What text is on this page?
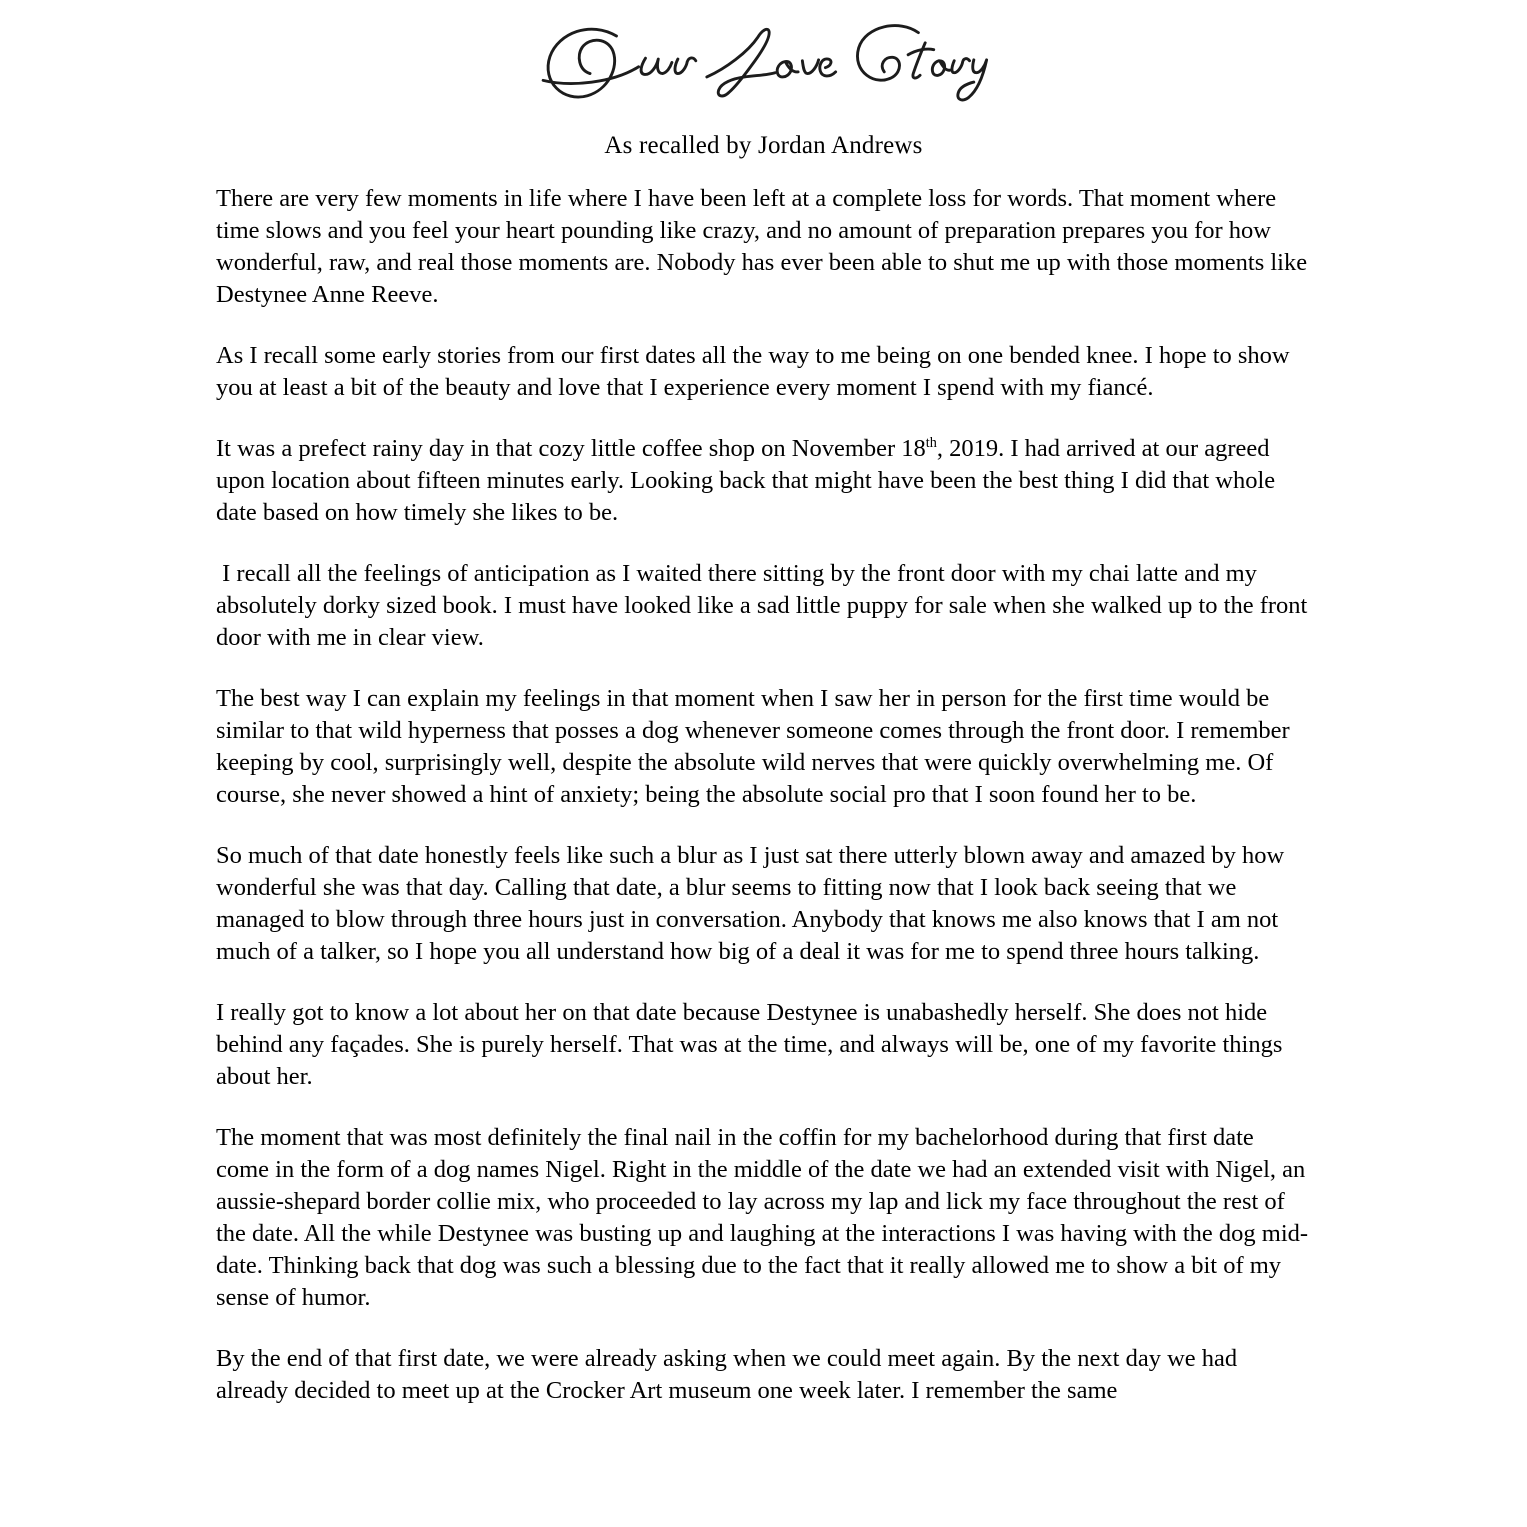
As recalled by Jordan Andrews

There are very few moments in life where I have been left at a complete loss for words. That moment where time slows and you feel your heart pounding like crazy, and no amount of preparation prepares you for how wonderful, raw, and real those moments are. Nobody has ever been able to shut me up with those moments like Destynee Anne Reeve.

As I recall some early stories from our first dates all the way to me being on one bended knee. I hope to show you at least a bit of the beauty and love that I experience every moment I spend with my fiancé.

It was a prefect rainy day in that cozy little coffee shop on November 18th, 2019. I had arrived at our agreed upon location about fifteen minutes early. Looking back that might have been the best thing I did that whole date based on how timely she likes to be.

I recall all the feelings of anticipation as I waited there sitting by the front door with my chai latte and my absolutely dorky sized book. I must have looked like a sad little puppy for sale when she walked up to the front door with me in clear view.

The best way I can explain my feelings in that moment when I saw her in person for the first time would be similar to that wild hyperness that posses a dog whenever someone comes through the front door. I remember keeping by cool, surprisingly well, despite the absolute wild nerves that were quickly overwhelming me. Of course, she never showed a hint of anxiety; being the absolute social pro that I soon found her to be.

So much of that date honestly feels like such a blur as I just sat there utterly blown away and amazed by how wonderful she was that day. Calling that date, a blur seems to fitting now that I look back seeing that we managed to blow through three hours just in conversation. Anybody that knows me also knows that I am not much of a talker, so I hope you all understand how big of a deal it was for me to spend three hours talking.

I really got to know a lot about her on that date because Destynee is unabashedly herself. She does not hide behind any façades. She is purely herself. That was at the time, and always will be, one of my favorite things about her.

The moment that was most definitely the final nail in the coffin for my bachelorhood during that first date come in the form of a dog names Nigel. Right in the middle of the date we had an extended visit with Nigel, an aussie-shepard border collie mix, who proceeded to lay across my lap and lick my face throughout the rest of the date. All the while Destynee was busting up and laughing at the interactions I was having with the dog mid-date. Thinking back that dog was such a blessing due to the fact that it really allowed me to show a bit of my sense of humor.

By the end of that first date, we were already asking when we could meet again. By the next day we had already decided to meet up at the Crocker Art museum one week later. I remember the same
